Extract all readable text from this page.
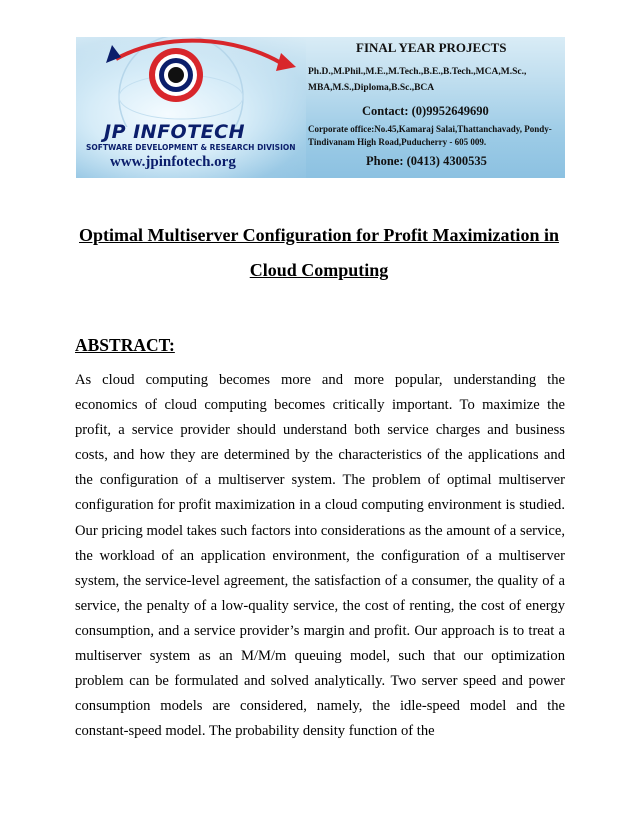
JP INFOTECH
SOFTWARE DEVELOPMENT & RESEARCH DIVISION
www.jpinfotech.org
FINAL YEAR PROJECTS
Ph.D.,M.Phil.,M.E.,M.Tech.,B.E.,B.Tech.,MCA,M.Sc., MBA,M.S.,Diploma,B.Sc.,BCA
Contact: (0)9952649690
Corporate office:No.45,Kamaraj Salai,Thattanchavady, Pondy-Tindivanam High Road,Puducherry - 605 009.
Phone: (0413) 4300535
Optimal Multiserver Configuration for Profit Maximization in Cloud Computing
ABSTRACT:

As cloud computing becomes more and more popular, understanding the economics of cloud computing becomes critically important. To maximize the profit, a service provider should understand both service charges and business costs, and how they are determined by the characteristics of the applications and the configuration of a multiserver system. The problem of optimal multiserver configuration for profit maximization in a cloud computing environment is studied. Our pricing model takes such factors into considerations as the amount of a service, the workload of an application environment, the configuration of a multiserver system, the service-level agreement, the satisfaction of a consumer, the quality of a service, the penalty of a low-quality service, the cost of renting, the cost of energy consumption, and a service provider’s margin and profit. Our approach is to treat a multiserver system as an M/M/m queuing model, such that our optimization problem can be formulated and solved analytically. Two server speed and power consumption models are considered, namely, the idle-speed model and the constant-speed model. The probability density function of the
